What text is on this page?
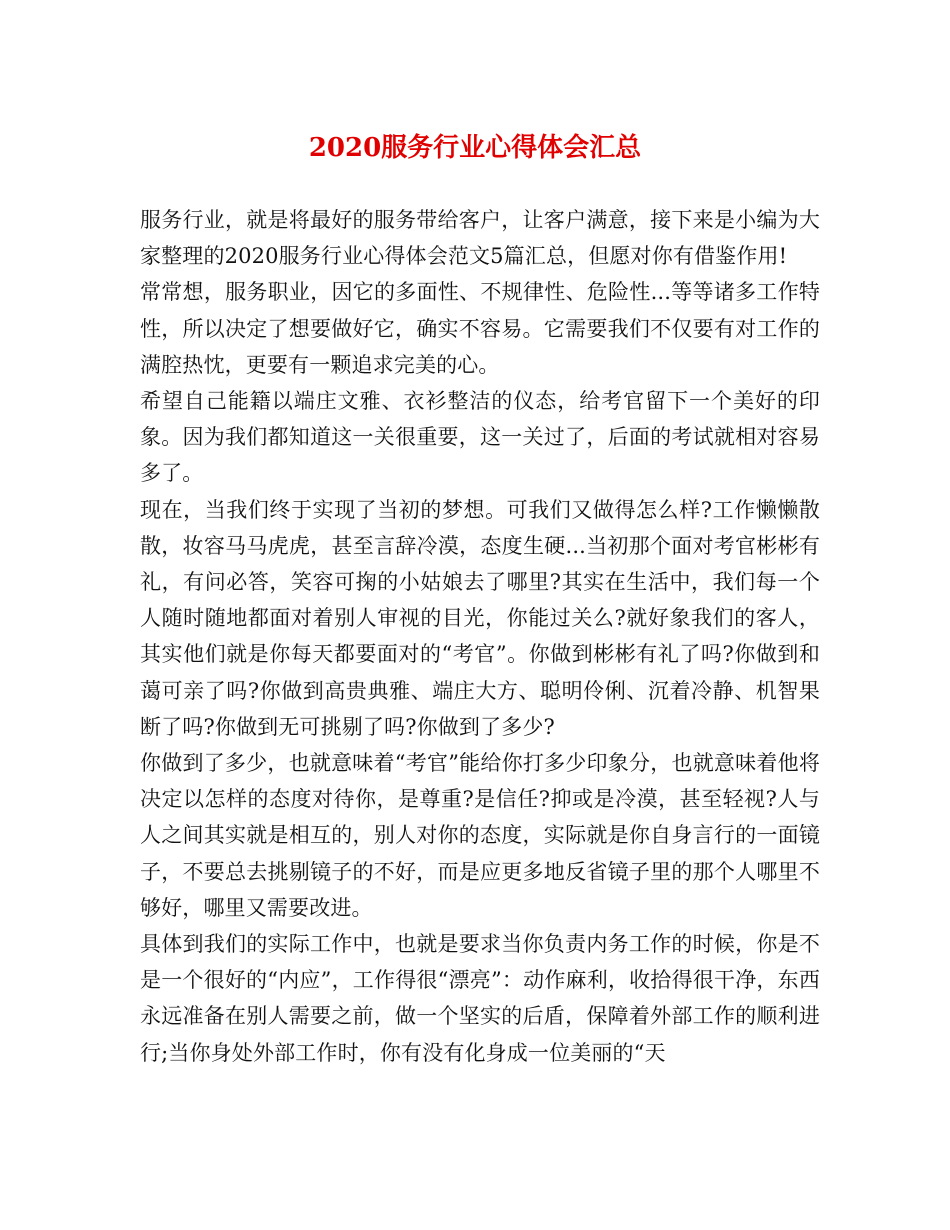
2020服务行业心得体会汇总

服务行业，就是将最好的服务带给客户，让客户满意，接下来是小编为大家整理的2020服务行业心得体会范文5篇汇总，但愿对你有借鉴作用!

常常想，服务职业，因它的多面性、不规律性、危险性...等等诸多工作特性，所以决定了想要做好它，确实不容易。它需要我们不仅要有对工作的满腔热忱，更要有一颗追求完美的心。

希望自己能籍以端庄文雅、衣衫整洁的仪态，给考官留下一个美好的印象。因为我们都知道这一关很重要，这一关过了，后面的考试就相对容易多了。

现在，当我们终于实现了当初的梦想。可我们又做得怎么样?工作懒懒散散，妆容马马虎虎，甚至言辞冷漠，态度生硬...当初那个面对考官彬彬有礼，有问必答，笑容可掬的小姑娘去了哪里?其实在生活中，我们每一个人随时随地都面对着别人审视的目光，你能过关么?就好象我们的客人，其实他们就是你每天都要面对的“考官”。你做到彬彬有礼了吗?你做到和蔼可亲了吗?你做到高贵典雅、端庄大方、聪明伶俐、沉着冷静、机智果断了吗?你做到无可挑剔了吗?你做到了多少?

你做到了多少，也就意味着“考官”能给你打多少印象分，也就意味着他将决定以怎样的态度对待你，是尊重?是信任?抑或是冷漠，甚至轻视?人与人之间其实就是相互的，别人对你的态度，实际就是你自身言行的一面镜子，不要总去挑剔镜子的不好，而是应更多地反省镜子里的那个人哪里不够好，哪里又需要改进。

具体到我们的实际工作中，也就是要求当你负责内务工作的时候，你是不是一个很好的“内应”，工作得很“漂亮”：动作麻利，收拾得很干净，东西永远准备在别人需要之前，做一个坚实的后盾，保障着外部工作的顺利进行;当你身处外部工作时，你有没有化身成一位美丽的“天
